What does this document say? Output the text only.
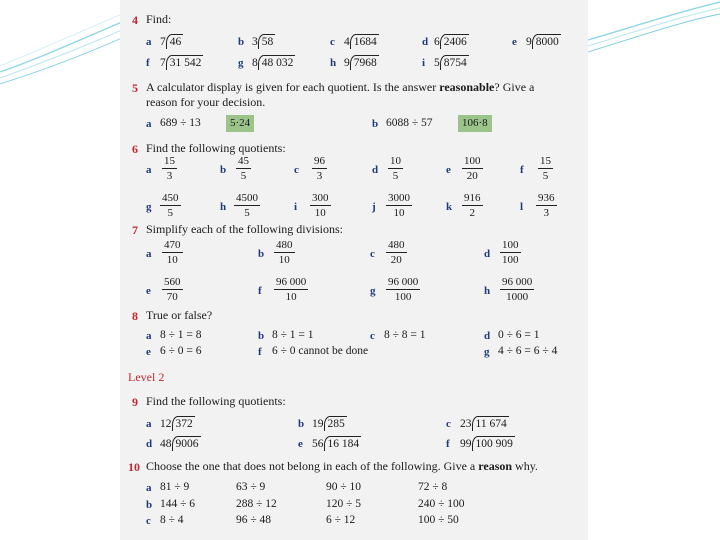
4 Find:
a 7 46	b 3 58	c 4 1684	d 6 2406	e 9 8000
f 7 31 542	g 8 48 032	h 9 7968	i 5 8754
5 A calculator display is given for each quotient. Is the answer reasonable? Give a reason for your decision.
a 689 ÷ 13	5·24	b 6088 ÷ 57	106·8
6 Find the following quotients:
a $\frac{15}{3}$	b $\frac{45}{5}$	c $\frac{96}{3}$	d $\frac{10}{5}$	e $\frac{100}{20}$	f $\frac{15}{5}$
g $\frac{450}{5}$	h $\frac{4500}{5}$	i $\frac{300}{10}$	j $\frac{3000}{10}$	k $\frac{916}{2}$	l $\frac{936}{3}$
7 Simplify each of the following divisions:
a $\frac{470}{10}$	b $\frac{480}{10}$	c $\frac{480}{20}$	d $\frac{100}{100}$
e $\frac{560}{70}$	f $\frac{96 000}{10}$	g $\frac{96 000}{100}$	h $\frac{96 000}{1000}$
8 True or false?
a 8 ÷ 1 = 8	b 8 ÷ 1 = 1	c 8 ÷ 8 = 1	d 0 ÷ 6 = 1
e 6 ÷ 0 = 6	f 6 ÷ 0 cannot be done	g 4 ÷ 6 = 6 ÷ 4
Level 2
9 Find the following quotients:
a 12 372	b 19 285	c 23 11 674
d 48 9006	e 56 16 184	f 99 100 909
10 Choose the one that does not belong in each of the following. Give a reason why.
a 81 ÷ 9	63 ÷ 9	90 ÷ 10	72 ÷ 8
b 144 ÷ 6	288 ÷ 12	120 ÷ 5	240 ÷ 100
c 8 ÷ 4	96 ÷ 48	6 ÷ 12	100 ÷ 50
